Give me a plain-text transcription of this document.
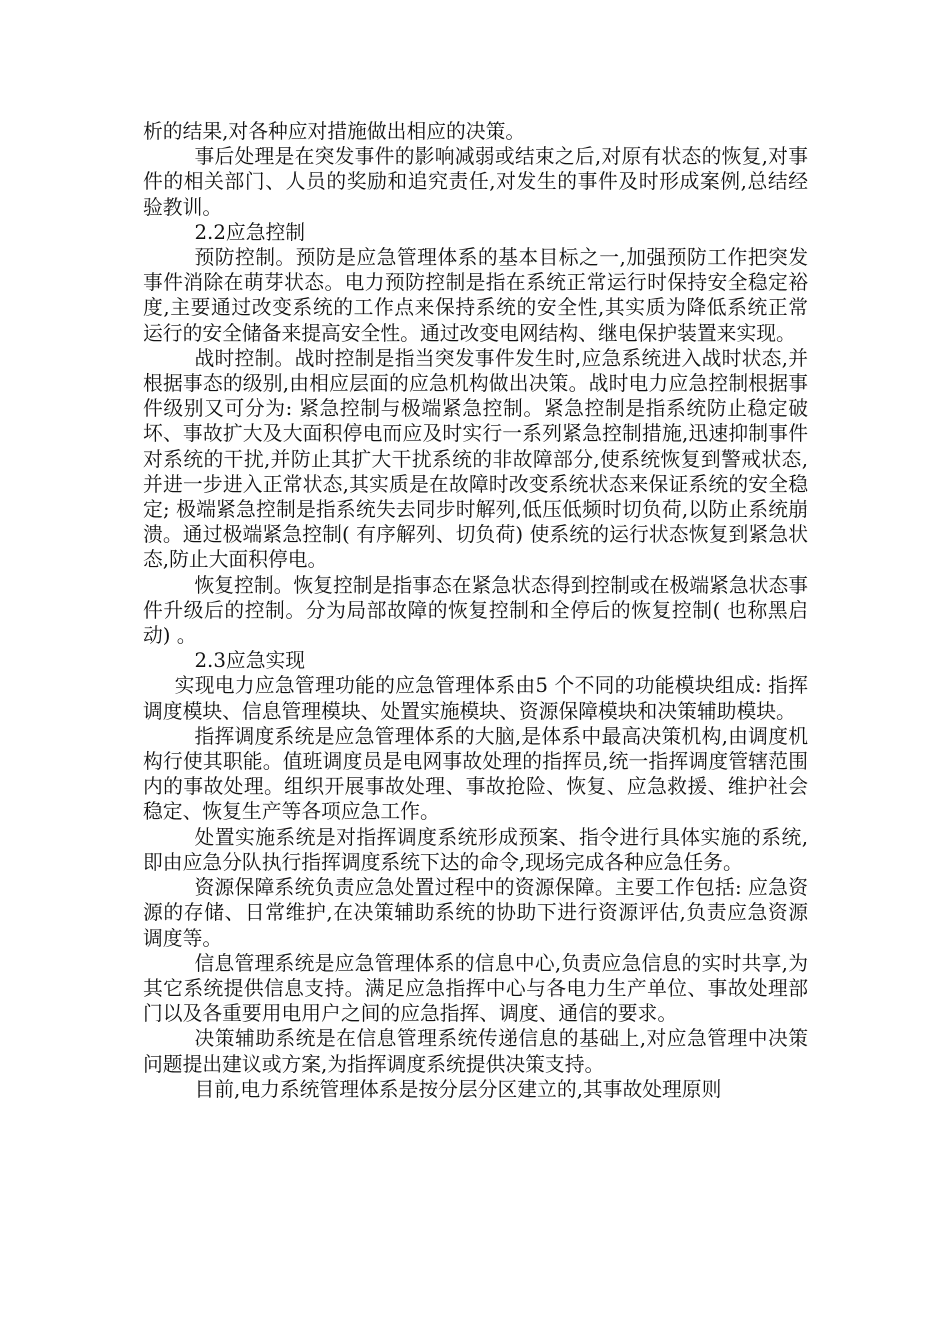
析的结果,对各种应对措施做出相应的决策。

事后处理是在突发事件的影响减弱或结束之后,对原有状态的恢复,对事件的相关部门、人员的奖励和追究责任,对发生的事件及时形成案例,总结经验教训。

2.2应急控制

预防控制。预防是应急管理体系的基本目标之一,加强预防工作把突发事件消除在萌芽状态。电力预防控制是指在系统正常运行时保持安全稳定裕度,主要通过改变系统的工作点来保持系统的安全性,其实质为降低系统正常运行的安全储备来提高安全性。通过改变电网结构、继电保护装置来实现。

战时控制。战时控制是指当突发事件发生时,应急系统进入战时状态,并根据事态的级别,由相应层面的应急机构做出决策。战时电力应急控制根据事件级别又可分为: 紧急控制与极端紧急控制。紧急控制是指系统防止稳定破坏、事故扩大及大面积停电而应及时实行一系列紧急控制措施,迅速抑制事件对系统的干扰,并防止其扩大干扰系统的非故障部分,使系统恢复到警戒状态,并进一步进入正常状态,其实质是在故障时改变系统状态来保证系统的安全稳定; 极端紧急控制是指系统失去同步时解列,低压低频时切负荷,以防止系统崩溃。通过极端紧急控制( 有序解列、切负荷) 使系统的运行状态恢复到紧急状态,防止大面积停电。

恢复控制。恢复控制是指事态在紧急状态得到控制或在极端紧急状态事件升级后的控制。分为局部故障的恢复控制和全停后的恢复控制( 也称黑启动) 。

2.3应急实现

实现电力应急管理功能的应急管理体系由5 个不同的功能模块组成: 指挥调度模块、信息管理模块、处置实施模块、资源保障模块和决策辅助模块。

指挥调度系统是应急管理体系的大脑,是体系中最高决策机构,由调度机构行使其职能。值班调度员是电网事故处理的指挥员,统一指挥调度管辖范围内的事故处理。组织开展事故处理、事故抢险、恢复、应急救援、维护社会稳定、恢复生产等各项应急工作。

处置实施系统是对指挥调度系统形成预案、指令进行具体实施的系统,即由应急分队执行指挥调度系统下达的命令,现场完成各种应急任务。

资源保障系统负责应急处置过程中的资源保障。主要工作包括: 应急资源的存储、日常维护,在决策辅助系统的协助下进行资源评估,负责应急资源调度等。

信息管理系统是应急管理体系的信息中心,负责应急信息的实时共享,为其它系统提供信息支持。满足应急指挥中心与各电力生产单位、事故处理部门以及各重要用电用户之间的应急指挥、调度、通信的要求。

决策辅助系统是在信息管理系统传递信息的基础上,对应急管理中决策问题提出建议或方案,为指挥调度系统提供决策支持。

目前,电力系统管理体系是按分层分区建立的,其事故处理原则
